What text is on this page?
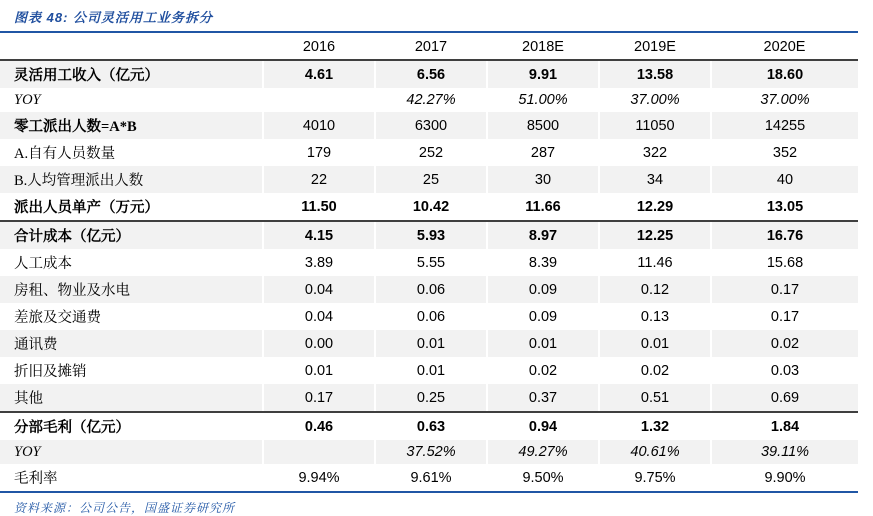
图表 48: 公司灵活用工业务拆分
	2016	2017	2018E	2019E	2020E
灵活用工收入（亿元）	4.61	6.56	9.91	13.58	18.60
YOY		42.27%	51.00%	37.00%	37.00%
零工派出人数=A*B	4010	6300	8500	11050	14255
A.自有人员数量	179	252	287	322	352
B.人均管理派出人数	22	25	30	34	40
派出人员单产（万元）	11.50	10.42	11.66	12.29	13.05
合计成本（亿元）	4.15	5.93	8.97	12.25	16.76
人工成本	3.89	5.55	8.39	11.46	15.68
房租、物业及水电	0.04	0.06	0.09	0.12	0.17
差旅及交通费	0.04	0.06	0.09	0.13	0.17
通讯费	0.00	0.01	0.01	0.01	0.02
折旧及摊销	0.01	0.01	0.02	0.02	0.03
其他	0.17	0.25	0.37	0.51	0.69
分部毛利（亿元）	0.46	0.63	0.94	1.32	1.84
YOY		37.52%	49.27%	40.61%	39.11%
毛利率	9.94%	9.61%	9.50%	9.75%	9.90%
资料来源：公司公告，国盛证券研究所
